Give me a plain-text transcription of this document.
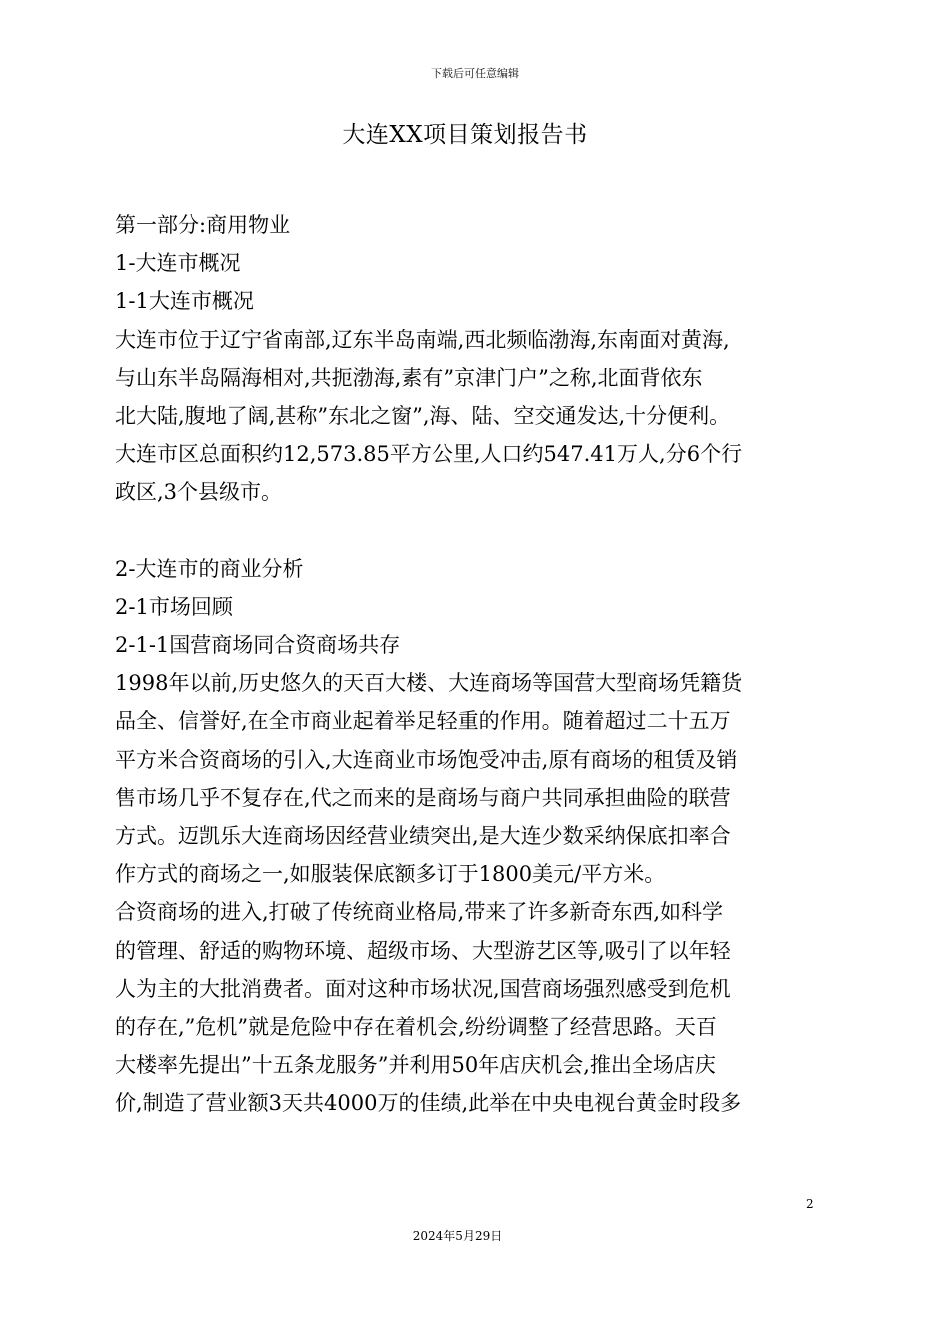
下载后可任意编辑
大连XX项目策划报告书
第一部分:商用物业
1-大连市概况
1-1大连市概况
大连市位于辽宁省南部,辽东半岛南端,西北频临渤海,东南面对黄海,
与山东半岛隔海相对,共扼渤海,素有”京津门户”之称,北面背依东
北大陆,腹地了阔,甚称”东北之窗”,海、陆、空交通发达,十分便利。
大连市区总面积约12,573.85平方公里,人口约547.41万人,分6个行
政区,3个县级市。
2-大连市的商业分析
2-1市场回顾
2-1-1国营商场同合资商场共存
1998年以前,历史悠久的天百大楼、大连商场等国营大型商场凭籍货
品全、信誉好,在全市商业起着举足轻重的作用。随着超过二十五万
平方米合资商场的引入,大连商业市场饱受冲击,原有商场的租赁及销
售市场几乎不复存在,代之而来的是商场与商户共同承担曲险的联营
方式。迈凯乐大连商场因经营业绩突出,是大连少数采纳保底扣率合
作方式的商场之一,如服装保底额多订于1800美元/平方米。
合资商场的进入,打破了传统商业格局,带来了许多新奇东西,如科学
的管理、舒适的购物环境、超级市场、大型游艺区等,吸引了以年轻
人为主的大批消费者。面对这种市场状况,国营商场强烈感受到危机
的存在,”危机”就是危险中存在着机会,纷纷调整了经营思路。天百
大楼率先提出”十五条龙服务”并利用50年店庆机会,推出全场店庆
价,制造了营业额3天共4000万的佳绩,此举在中央电视台黄金时段多
2
2024年5月29日
